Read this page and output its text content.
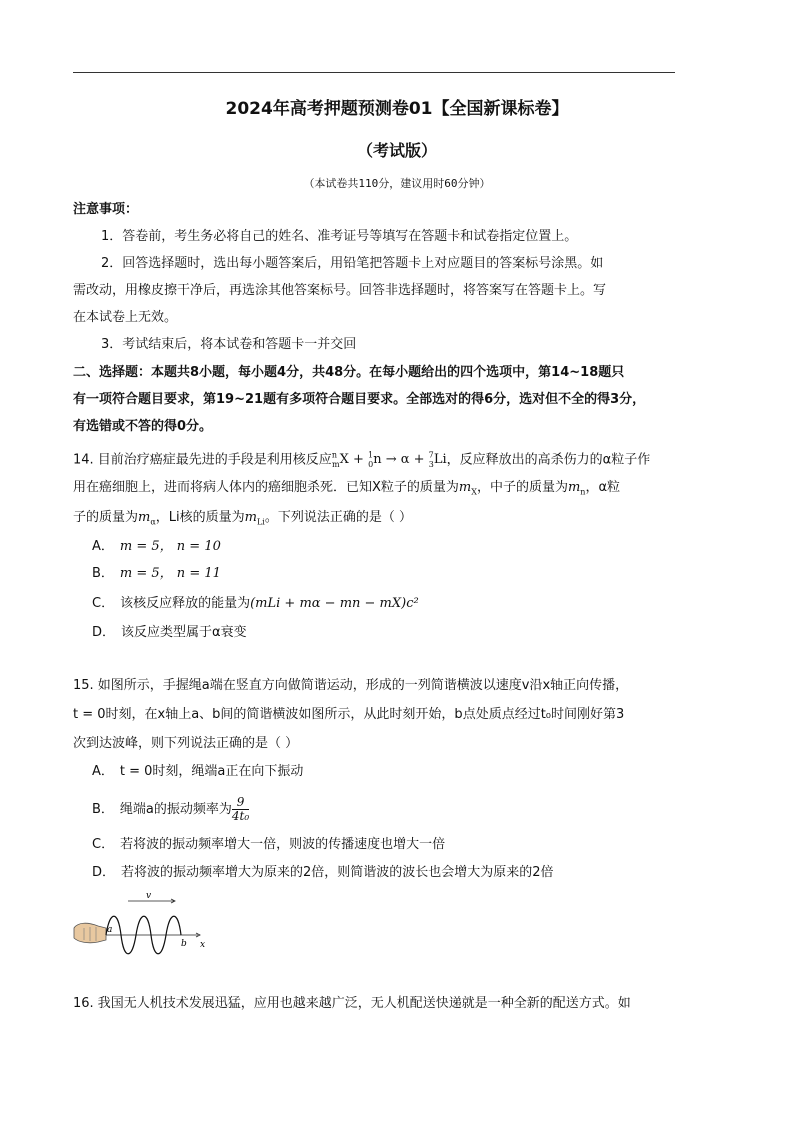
2024年高考押题预测卷01【全国新课标卷】
（考试版）
（本试卷共110分，建议用时60分钟）
注意事项：
1．答卷前，考生务必将自己的姓名、准考证号等填写在答题卡和试卷指定位置上。
2．回答选择题时，选出每小题答案后，用铅笔把答题卡上对应题目的答案标号涂黑。如
需改动，用橡皮擦干净后，再选涂其他答案标号。回答非选择题时，将答案写在答题卡上。写
在本试卷上无效。
3．考试结束后，将本试卷和答题卡一并交回
二、选择题：本题共8小题，每小题4分，共48分。在每小题给出的四个选项中，第14~18题只
有一项符合题目要求，第19~21题有多项符合题目要求。全部选对的得6分，选对但不全的得3分，
有选错或不答的得0分。
14. 目前治疗癌症最先进的手段是利用核反应$^n_m$X + $^1_0$n → α + $^7_3$Li，反应释放出的高杀伤力的α粒子作
用在癌细胞上，进而将病人体内的癌细胞杀死．已知X粒子的质量为$m_X$，中子的质量为$m_n$，α粒
子的质量为$m_\alpha$，Li核的质量为$m_{Li}$。下列说法正确的是（ ）
A． m = 5， n = 10
B． m = 5， n = 11
C． 该核反应释放的能量为(mLi + mα − mn − mX)c²
D． 该反应类型属于α衰变
15. 如图所示，手握绳a端在竖直方向做简谐运动，形成的一列简谐横波以速度v沿x轴正向传播，
t = 0时刻，在x轴上a、b间的简谐横波如图所示，从此时刻开始，b点处质点经过t₀时间刚好第3
次到达波峰，则下列说法正确的是（ ）
A． t = 0时刻，绳端a正在向下振动
B． 绳端a的振动频率为 $\frac{9}{\text{4t₀}}$
C． 若将波的振动频率增大一倍，则波的传播速度也增大一倍
D． 若将波的振动频率增大为原来的2倍，则简谐波的波长也会增大为原来的2倍
v
a
b x
16. 我国无人机技术发展迅猛，应用也越来越广泛，无人机配送快递就是一种全新的配送方式。如
